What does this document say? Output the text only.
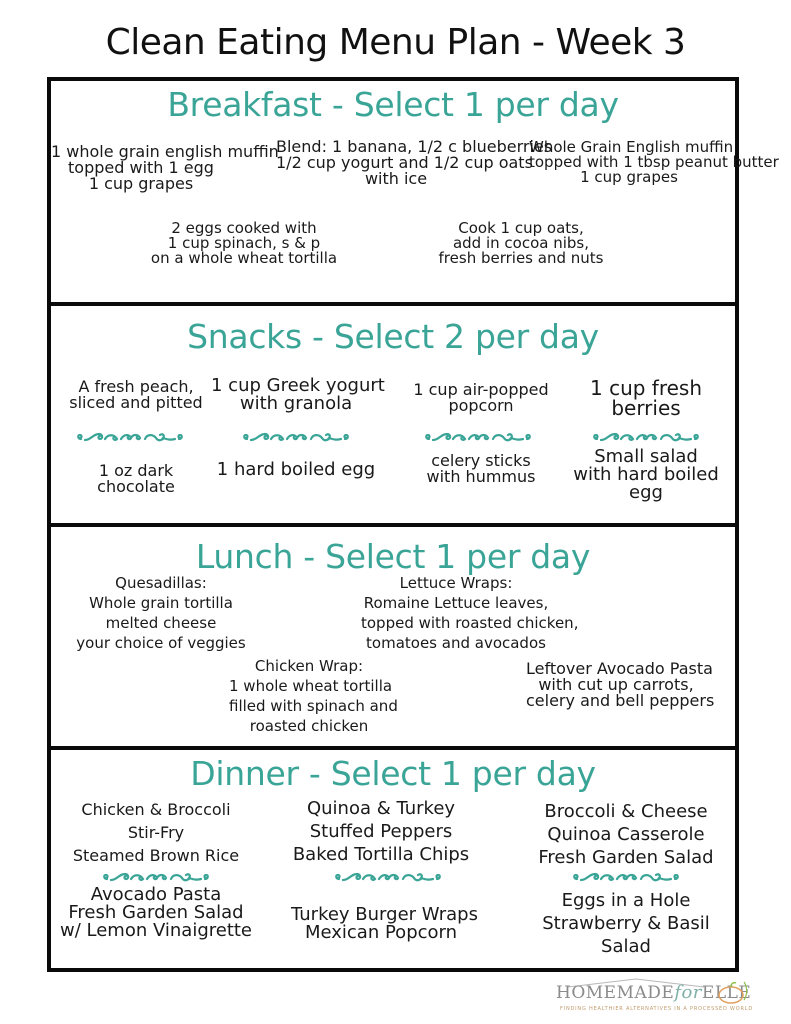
Clean Eating Menu Plan - Week 3
Breakfast - Select 1 per day
1 whole grain english muffin
topped with 1 egg
1 cup grapes
Blend: 1 banana, 1/2 c blueberries
1/2 cup yogurt and 1/2 cup oats
with ice
Whole Grain English muffin
topped with 1 tbsp peanut butter
1 cup grapes
2 eggs cooked with
1 cup spinach, s & p
on a whole wheat tortilla
Cook 1 cup oats,
add in cocoa nibs,
fresh berries and nuts
Snacks - Select 2 per day
A fresh peach,
sliced and pitted
1 oz dark
chocolate
1 cup Greek yogurt
with granola
1 hard boiled egg
1 cup air-popped
popcorn
celery sticks
with hummus
1 cup fresh
berries
Small salad
with hard boiled
egg
Lunch - Select 1 per day
Quesadillas:
Whole grain tortilla
melted cheese
your choice of veggies
Lettuce Wraps:
Romaine Lettuce leaves,
topped with roasted chicken,
tomatoes and avocados
Chicken Wrap:
1 whole wheat tortilla
filled with spinach and
roasted chicken
Leftover Avocado Pasta
with cut up carrots,
celery and bell peppers
Dinner - Select 1 per day
Chicken & Broccoli
Stir-Fry
Steamed Brown Rice
Avocado Pasta
Fresh Garden Salad
w/ Lemon Vinaigrette
Quinoa & Turkey
Stuffed Peppers
Baked Tortilla Chips
Turkey Burger Wraps
Mexican Popcorn
Broccoli & Cheese
Quinoa Casserole
Fresh Garden Salad
Eggs in a Hole
Strawberry & Basil
Salad
HOMEMADEforELLE
FINDING HEALTHIER ALTERNATIVES IN A PROCESSED WORLD
